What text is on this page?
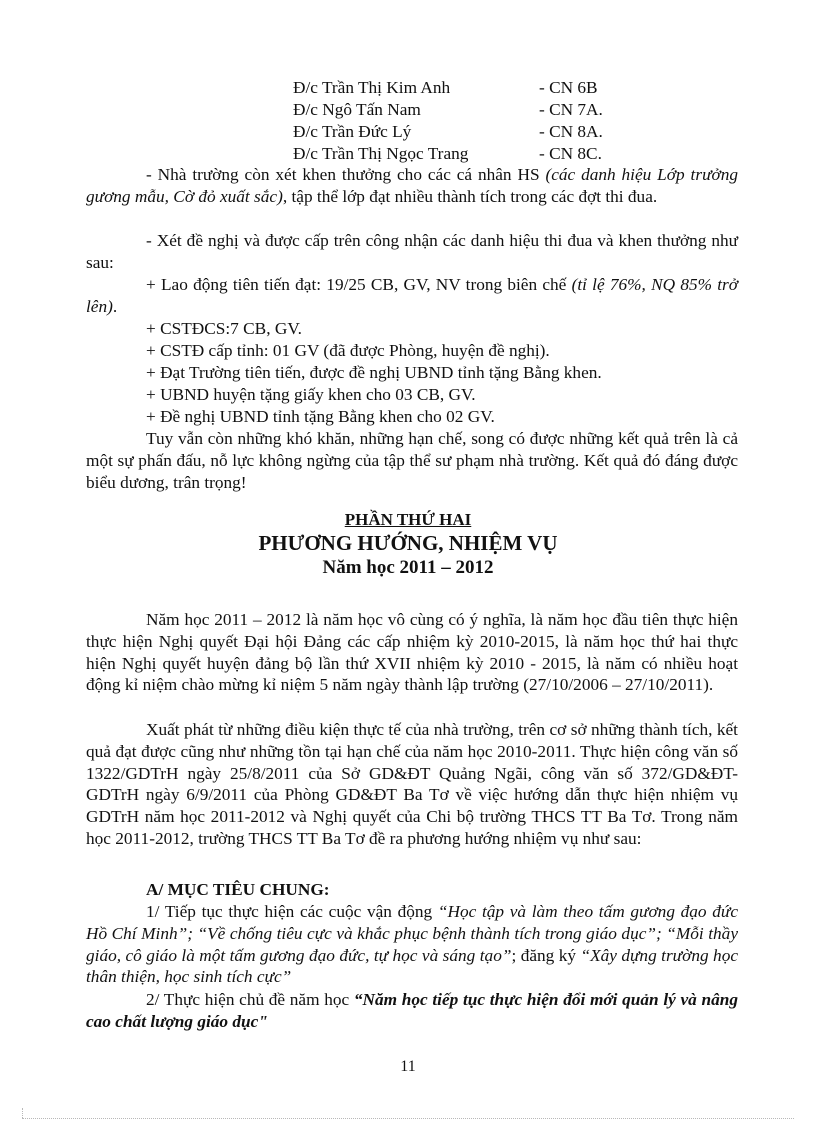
Đ/c Trần Thị Kim Anh	- CN 6B
Đ/c Ngô Tấn Nam	- CN 7A.
Đ/c Trần Đức Lý	- CN 8A.
Đ/c Trần Thị Ngọc Trang	- CN 8C.
- Nhà trường còn xét khen thưởng cho các cá nhân HS (các danh hiệu Lớp trưởng gương mẫu, Cờ đỏ xuất sắc), tập thể lớp đạt nhiều thành tích trong các đợt thi đua.
- Xét đề nghị và được cấp trên công nhận các danh hiệu thi đua và khen thưởng như sau:
+ Lao động tiên tiến đạt: 19/25 CB, GV, NV trong biên chế (tỉ lệ 76%, NQ 85% trở lên).
+ CSTĐCS:7 CB, GV.
+ CSTĐ cấp tỉnh: 01 GV (đã được Phòng, huyện đề nghị).
+ Đạt Trường tiên tiến, được đề nghị UBND tỉnh tặng Bằng khen.
+ UBND huyện tặng giấy khen cho 03 CB, GV.
+ Đề nghị UBND tỉnh tặng Bằng khen cho 02 GV.
Tuy vẫn còn những khó khăn, những hạn chế, song có được những kết quả trên là cả một sự phấn đấu, nỗ lực không ngừng của tập thể sư phạm nhà trường. Kết quả đó đáng được biểu dương, trân trọng!
PHẦN THỨ HAI
PHƯƠNG HƯỚNG, NHIỆM VỤ
Năm học 2011 – 2012
Năm học 2011 – 2012 là năm học vô cùng có ý nghĩa, là năm học đầu tiên thực hiện thực hiện Nghị quyết Đại hội Đảng các cấp nhiệm kỳ 2010-2015, là năm học thứ hai thực hiện Nghị quyết huyện đảng bộ lần thứ XVII nhiệm kỳ 2010 - 2015, là năm có nhiều hoạt động kỉ niệm chào mừng kỉ niệm 5 năm ngày thành lập trường (27/10/2006 – 27/10/2011).
Xuất phát từ những điều kiện thực tế của nhà trường, trên cơ sở những thành tích, kết quả đạt được cũng như những tồn tại hạn chế của năm học 2010-2011. Thực hiện công văn số 1322/GDTrH ngày 25/8/2011 của Sở GD&ĐT Quảng Ngãi, công văn số 372/GD&ĐT-GDTrH ngày 6/9/2011 của Phòng GD&ĐT Ba Tơ về việc hướng dẫn thực hiện nhiệm vụ GDTrH năm học 2011-2012 và Nghị quyết của Chi bộ trường THCS TT Ba Tơ. Trong năm học 2011-2012, trường THCS TT Ba Tơ đề ra phương hướng nhiệm vụ như sau:
A/ MỤC TIÊU CHUNG:
1/ Tiếp tục thực hiện các cuộc vận động “Học tập và làm theo tấm gương đạo đức Hồ Chí Minh”; “Về chống tiêu cực và khắc phục bệnh thành tích trong giáo dục”; “Mỗi thầy giáo, cô giáo là một tấm gương đạo đức, tự học và sáng tạo”; đăng ký “Xây dựng trường học thân thiện, học sinh tích cực”
2/ Thực hiện chủ đề năm học “Năm học tiếp tục thực hiện đổi mới quản lý và nâng cao chất lượng giáo dục"
11
